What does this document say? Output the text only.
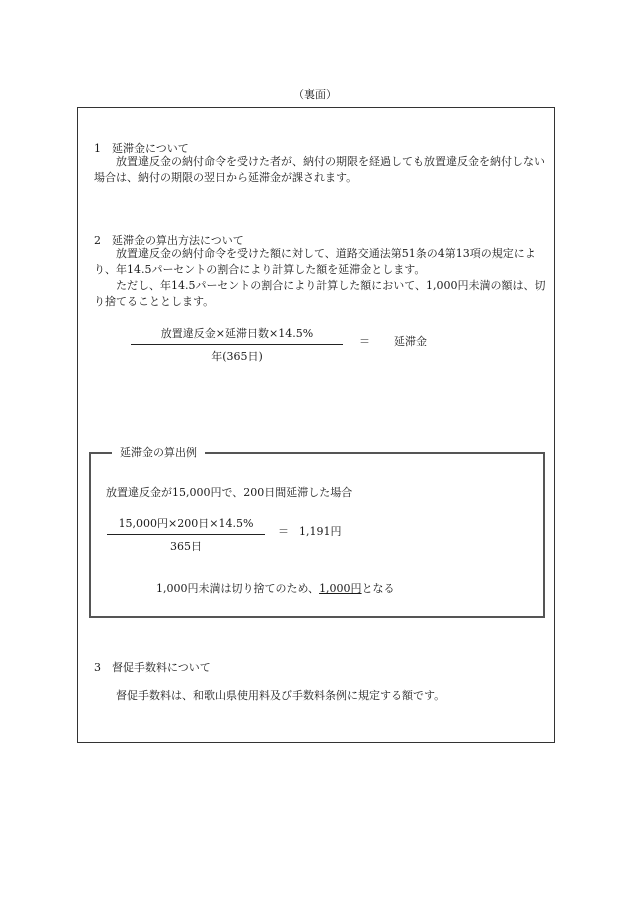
（裏面）
1　延滞金について
放置違反金の納付命令を受けた者が、納付の期限を経過しても放置違反金を納付しない場合は、納付の期限の翌日から延滞金が課されます。
2　延滞金の算出方法について
放置違反金の納付命令を受けた額に対して、道路交通法第51条の4第13項の規定により、年14.5パーセントの割合により計算した額を延滞金とします。
ただし、年14.5パーセントの割合により計算した額において、1,000円未満の額は、切り捨てることとします。
放置違反金×延滞日数×14.5%
年(365日)
＝ 延滞金
延滞金の算出例
放置違反金が15,000円で、200日間延滞した場合
15,000円×200日×14.5%
365日
＝ 1,191円
1,000円未満は切り捨てのため、1,000円となる
3　督促手数料について
督促手数料は、和歌山県使用料及び手数料条例に規定する額です。
